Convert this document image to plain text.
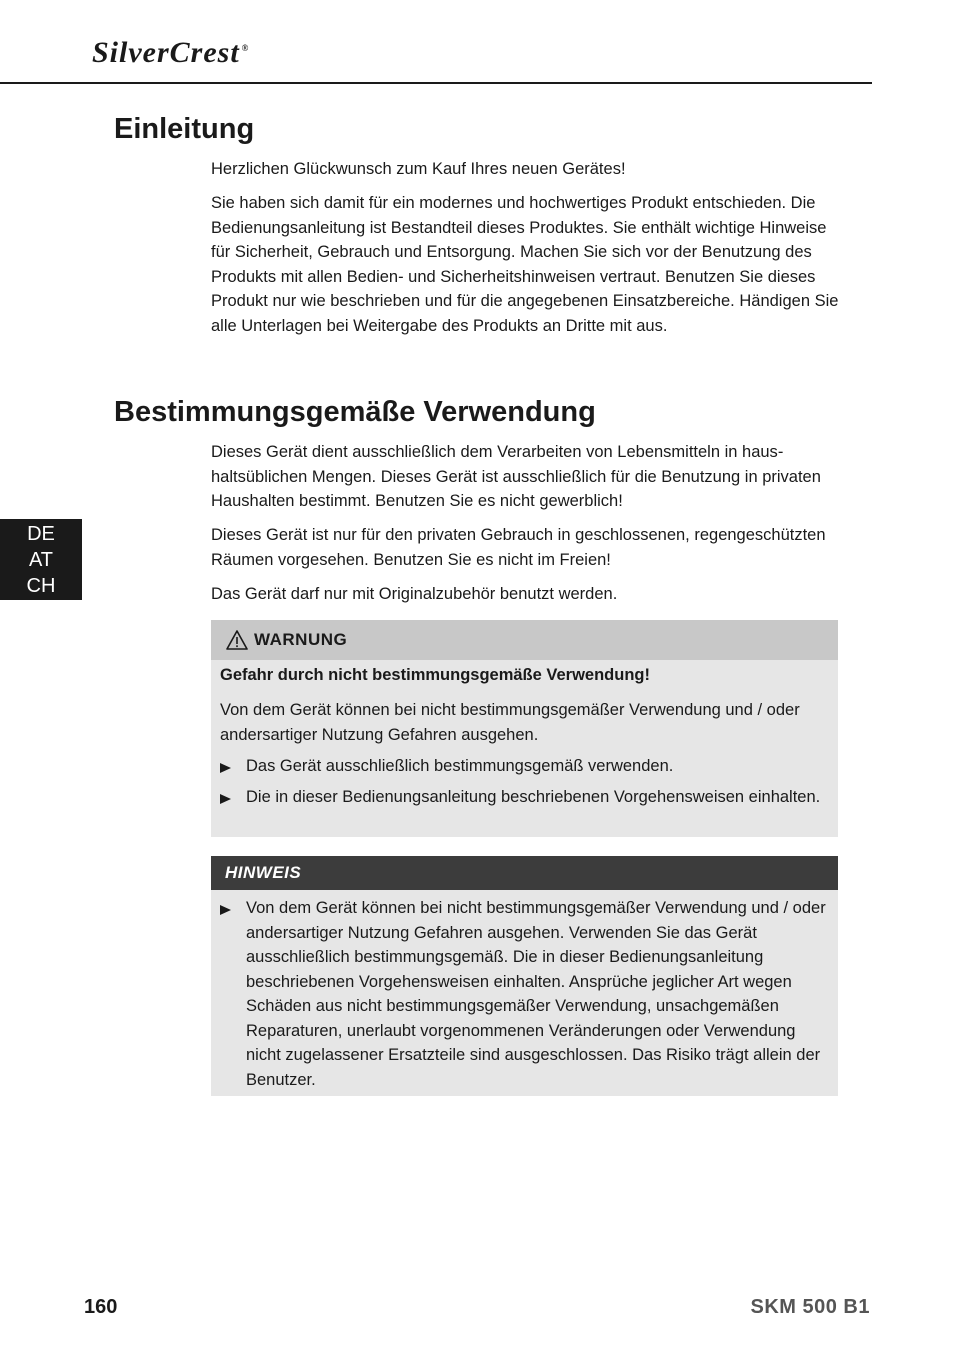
SilverCrest ®
DE
AT
CH
Einleitung

Herzlichen Glückwunsch zum Kauf Ihres neuen Gerätes!

Sie haben sich damit für ein modernes und hochwertiges Produkt entschieden. Die Bedienungsanleitung ist Bestandteil dieses Produktes. Sie enthält wichtige Hinweise für Sicherheit, Gebrauch und Entsorgung. Machen Sie sich vor der Benutzung des Produkts mit allen Bedien- und Sicherheitshinweisen vertraut. Benutzen Sie dieses Produkt nur wie beschrieben und für die angegebenen Einsatzbereiche. Händigen Sie alle Unterlagen bei Weitergabe des Produkts an Dritte mit aus.

Bestimmungsgemäße Verwendung

Dieses Gerät dient ausschließlich dem Verarbeiten von Lebensmitteln in haushaltsüblichen Mengen. Dieses Gerät ist ausschließlich für die Benutzung in privaten Haushalten bestimmt. Benutzen Sie es nicht gewerblich!

Dieses Gerät ist nur für den privaten Gebrauch in geschlossenen, regengeschützten Räumen vorgesehen. Benutzen Sie es nicht im Freien!

Das Gerät darf nur mit Originalzubehör benutzt werden.

WARNUNG
Gefahr durch nicht bestimmungsgemäße Verwendung!

Von dem Gerät können bei nicht bestimmungsgemäßer Verwendung und / oder andersartiger Nutzung Gefahren ausgehen.

Das Gerät ausschließlich bestimmungsgemäß verwenden.
Die in dieser Bedienungsanleitung beschriebenen Vorgehensweisen einhalten.
HINWEIS
Von dem Gerät können bei nicht bestimmungsgemäßer Verwendung und / oder andersartiger Nutzung Gefahren ausgehen. Verwenden Sie das Gerät ausschließlich bestimmungsgemäß. Die in dieser Bedienungsanleitung beschriebenen Vorgehensweisen einhalten. Ansprüche jeglicher Art wegen Schäden aus nicht bestimmungsgemäßer Verwendung, unsachgemäßen Reparaturen, unerlaubt vorgenommenen Veränderungen oder Verwendung nicht zugelassener Ersatzteile sind ausgeschlossen. Das Risiko trägt allein der Benutzer.
160	SKM 500 B1
